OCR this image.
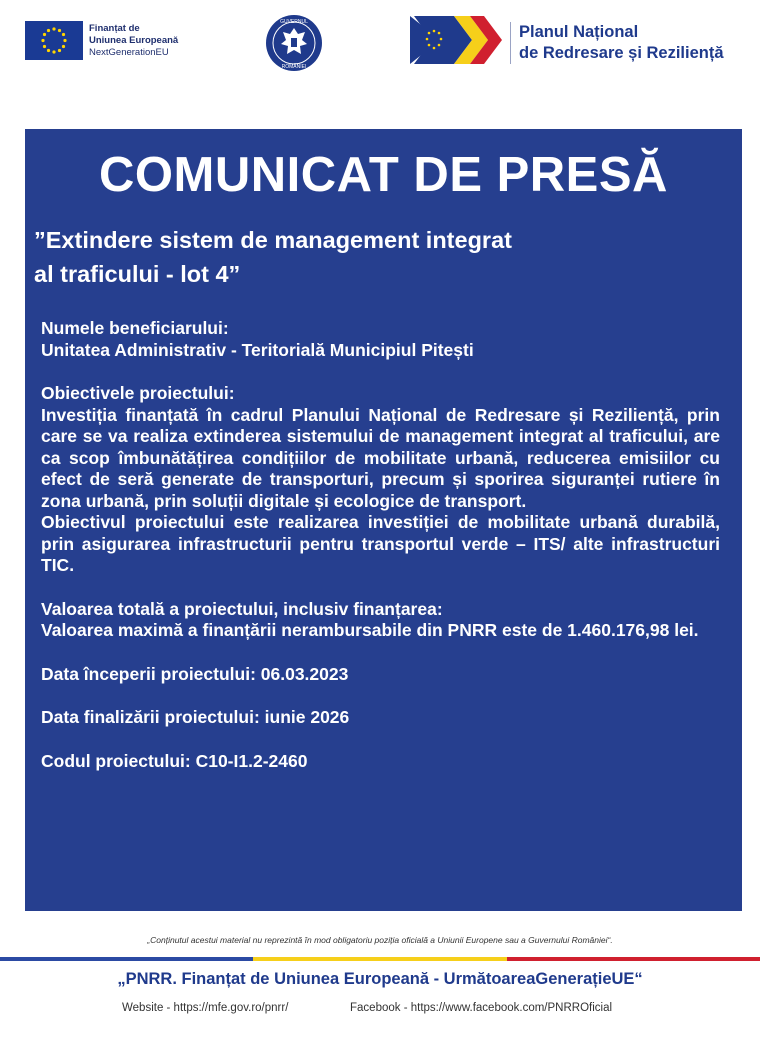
Finanțat de
Uniunea Europeană
NextGenerationEU
GUVERNUL
ROMÂNIEI
Planul Național
de Redresare și Reziliență
COMUNICAT DE PRESĂ
”Extindere sistem de management integrat
al traficului - lot 4”

Numele beneficiarului:

Unitatea Administrativ - Teritorială Municipiul Pitești

Obiectivele proiectului:

Investiția finanțată în cadrul Planului Național de Redresare și Reziliență, prin care se va realiza extinderea sistemului de management integrat al traficului, are ca scop îmbunătățirea condițiilor de mobilitate urbană, reducerea emisiilor cu efect de seră generate de transporturi, precum și sporirea siguranței rutiere în zona urbană, prin soluții digitale și ecologice de transport.

Obiectivul proiectului este realizarea investiției de mobilitate urbană durabilă, prin asigurarea infrastructurii pentru transportul verde – ITS/ alte infrastructuri TIC.

Valoarea totală a proiectului, inclusiv finanțarea:

Valoarea maximă a finanțării nerambursabile din PNRR este de 1.460.176,98 lei.

Data începerii proiectului: 06.03.2023

Data finalizării proiectului: iunie 2026

Codul proiectului: C10-I1.2-2460

„Conținutul acestui material nu reprezintă în mod obligatoriu poziția oficială a Uniunii Europene sau a Guvernului României“.
„PNRR. Finanțat de Uniunea Europeană - UrmătoareaGenerațieUE“
Website - https://mfe.gov.ro/pnrr/	Facebook - https://www.facebook.com/PNRROficial
